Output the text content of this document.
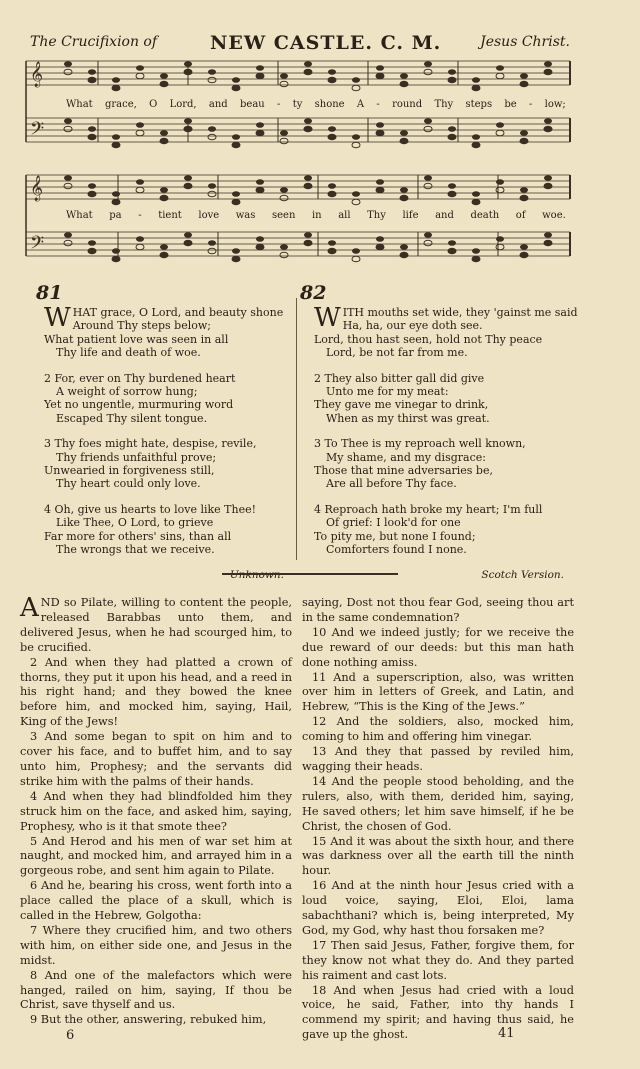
The Crucifixion of	NEW CASTLE. C. M.	Jesus Christ.
𝄞
𝄢
𝄞
𝄢
What grace, O Lord, and beau - ty shone A - round Thy steps be - low;
What pa - tient love was seen in all Thy life and death of woe.
81
WHAT grace, O Lord, and beauty shone
Around Thy steps below;
What patient love was seen in all
Thy life and death of woe.
2 For, ever on Thy burdened heart
A weight of sorrow hung;
Yet no ungentle, murmuring word
Escaped Thy silent tongue.
3 Thy foes might hate, despise, revile,
Thy friends unfaithful prove;
Unwearied in forgiveness still,
Thy heart could only love.
4 Oh, give us hearts to love like Thee!
Like Thee, O Lord, to grieve
Far more for others' sins, than all
The wrongs that we receive.
82
WITH mouths set wide, they 'gainst me said
Ha, ha, our eye doth see.
Lord, thou hast seen, hold not Thy peace
Lord, be not far from me.
2 They also bitter gall did give
Unto me for my meat:
They gave me vinegar to drink,
When as my thirst was great.
3 To Thee is my reproach well known,
My shame, and my disgrace:
Those that mine adversaries be,
Are all before Thy face.
4 Reproach hath broke my heart; I'm full
Of grief: I look'd for one
To pity me, but none I found;
Comforters found I none.
Scotch Version.

AND so Pilate, willing to content the people, released Barabbas unto them, and delivered Jesus, when he had scourged him, to be crucified.

2 And when they had platted a crown of thorns, they put it upon his head, and a reed in his right hand; and they bowed the knee before him, and mocked him, saying, Hail, King of the Jews!

3 And some began to spit on him and to cover his face, and to buffet him, and to say unto him, Prophesy; and the servants did strike him with the palms of their hands.

4 And when they had blindfolded him they struck him on the face, and asked him, saying, Prophesy, who is it that smote thee?

5 And Herod and his men of war set him at naught, and mocked him, and arrayed him in a gorgeous robe, and sent him again to Pilate.

6 And he, bearing his cross, went forth into a place called the place of a skull, which is called in the Hebrew, Golgotha:

7 Where they crucified him, and two others with him, on either side one, and Jesus in the midst.

8 And one of the malefactors which were hanged, railed on him, saying, If thou be Christ, save thyself and us.

9 But the other, answering, rebuked him,

saying, Dost not thou fear God, seeing thou art in the same condemnation?

10 And we indeed justly; for we receive the due reward of our deeds: but this man hath done nothing amiss.

11 And a superscription, also, was written over him in letters of Greek, and Latin, and Hebrew, “This is the King of the Jews.”

12 And the soldiers, also, mocked him, coming to him and offering him vinegar.

13 And they that passed by reviled him, wagging their heads.

14 And the people stood beholding, and the rulers, also, with them, derided him, saying, He saved others; let him save himself, if he be Christ, the chosen of God.

15 And it was about the sixth hour, and there was darkness over all the earth till the ninth hour.

16 And at the ninth hour Jesus cried with a loud voice, saying, Eloi, Eloi, lama sabachthani? which is, being interpreted, My God, my God, why hast thou forsaken me?

17 Then said Jesus, Father, forgive them, for they know not what they do. And they parted his raiment and cast lots.

18 And when Jesus had cried with a loud voice, he said, Father, into thy hands I commend my spirit; and having thus said, he gave up the ghost.

6	41
